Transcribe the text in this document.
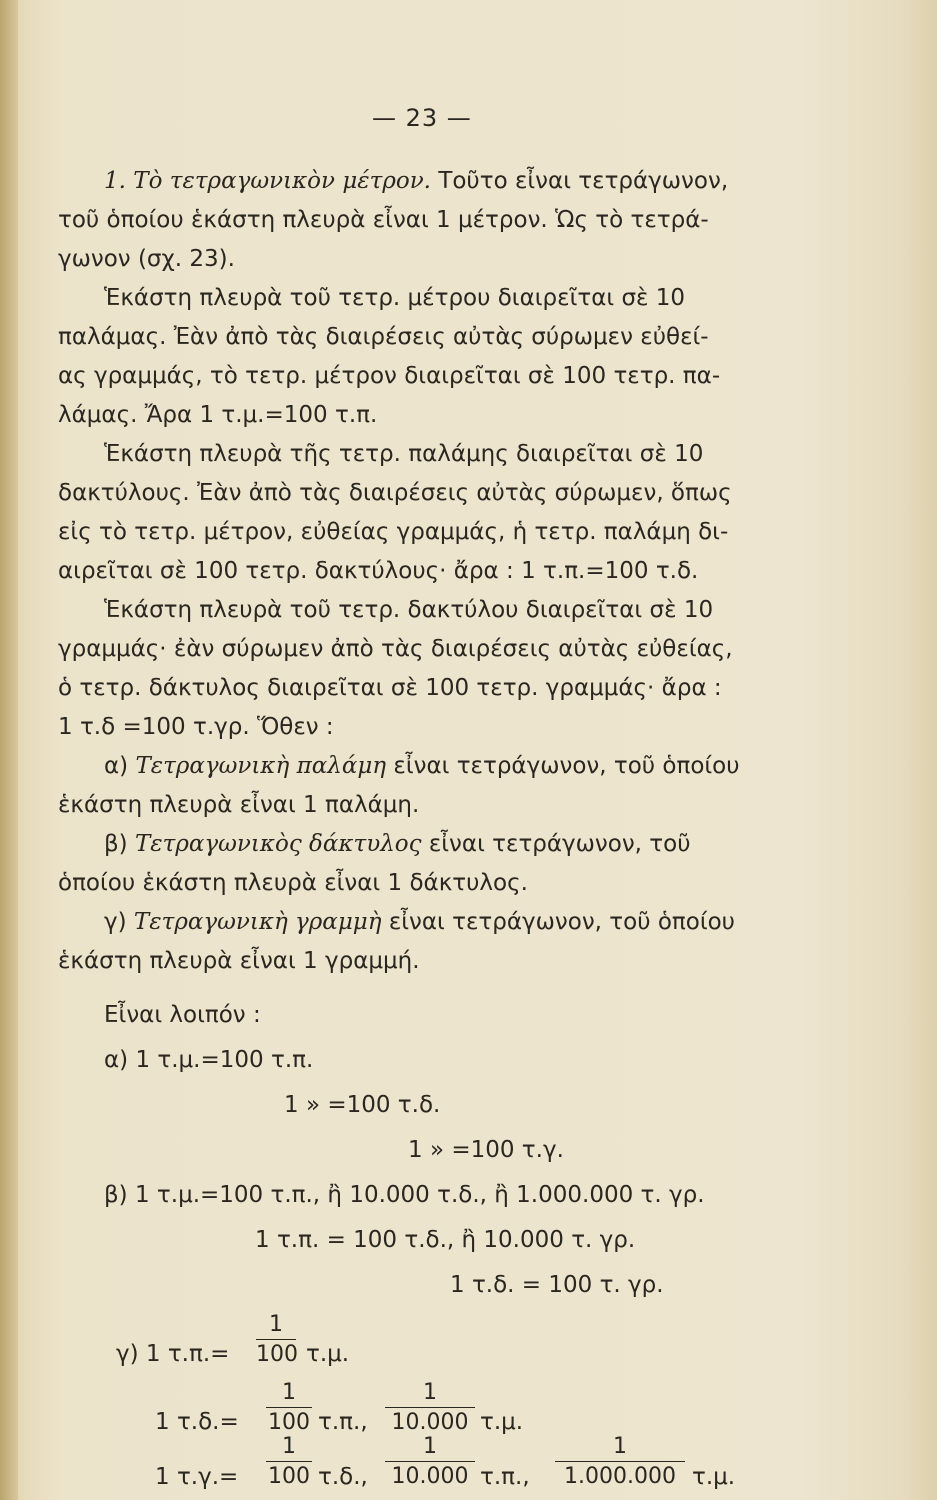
— 23 —
1. Τὸ τετραγωνικὸν μέτρον. Τοῦτο εἶναι τετράγωνον,
τοῦ ὁποίου ἑκάστη πλευρὰ εἶναι 1 μέτρον. Ὡς τὸ τετρά-
γωνον (σχ. 23).
Ἑκάστη πλευρὰ τοῦ τετρ. μέτρου διαιρεῖται σὲ 10
παλάμας. Ἐὰν ἀπὸ τὰς διαιρέσεις αὐτὰς σύρωμεν εὐθεί-
ας γραμμάς, τὸ τετρ. μέτρον διαιρεῖται σὲ 100 τετρ. πα-
λάμας. Ἄρα 1 τ.μ.=100 τ.π.
Ἑκάστη πλευρὰ τῆς τετρ. παλάμης διαιρεῖται σὲ 10
δακτύλους. Ἐὰν ἀπὸ τὰς διαιρέσεις αὐτὰς σύρωμεν, ὅπως
εἰς τὸ τετρ. μέτρον, εὐθείας γραμμάς, ἡ τετρ. παλάμη δι-
αιρεῖται σὲ 100 τετρ. δακτύλους· ἄρα : 1 τ.π.=100 τ.δ.
Ἑκάστη πλευρὰ τοῦ τετρ. δακτύλου διαιρεῖται σὲ 10
γραμμάς· ἐὰν σύρωμεν ἀπὸ τὰς διαιρέσεις αὐτὰς εὐθείας,
ὁ τετρ. δάκτυλος διαιρεῖται σὲ 100 τετρ. γραμμάς· ἄρα :
1 τ.δ =100 τ.γρ. Ὅθεν :
α) Τετραγωνικὴ παλάμη εἶναι τετράγωνον, τοῦ ὁποίου
ἑκάστη πλευρὰ εἶναι 1 παλάμη.
β) Τετραγωνικὸς δάκτυλος εἶναι τετράγωνον, τοῦ
ὁποίου ἑκάστη πλευρὰ εἶναι 1 δάκτυλος.
γ) Τετραγωνικὴ γραμμὴ εἶναι τετράγωνον, τοῦ ὁποίου
ἑκάστη πλευρὰ εἶναι 1 γραμμή.
Εἶναι λοιπόν :
α) 1 τ.μ.=100 τ.π.
1 » =100 τ.δ.
1 » =100 τ.γ.
β) 1 τ.μ.=100 τ.π., ἢ 10.000 τ.δ., ἢ 1.000.000 τ. γρ.
1 τ.π. = 100 τ.δ., ἢ 10.000 τ. γρ.
1 τ.δ. = 100 τ. γρ.
γ) 1 $\tau.\pi.= \frac{1}{100} \tau.\mu$.
1 $\tau.\delta.= \frac{1}{100} \tau.\pi$., $\frac{1}{10.000} \tau.\mu$.
1 $\tau.\gamma.= \frac{1}{100} \tau.\delta$., $\frac{1}{10.000} \tau.\pi$., $\frac{1}{1.000.000} \tau.\mu$.
